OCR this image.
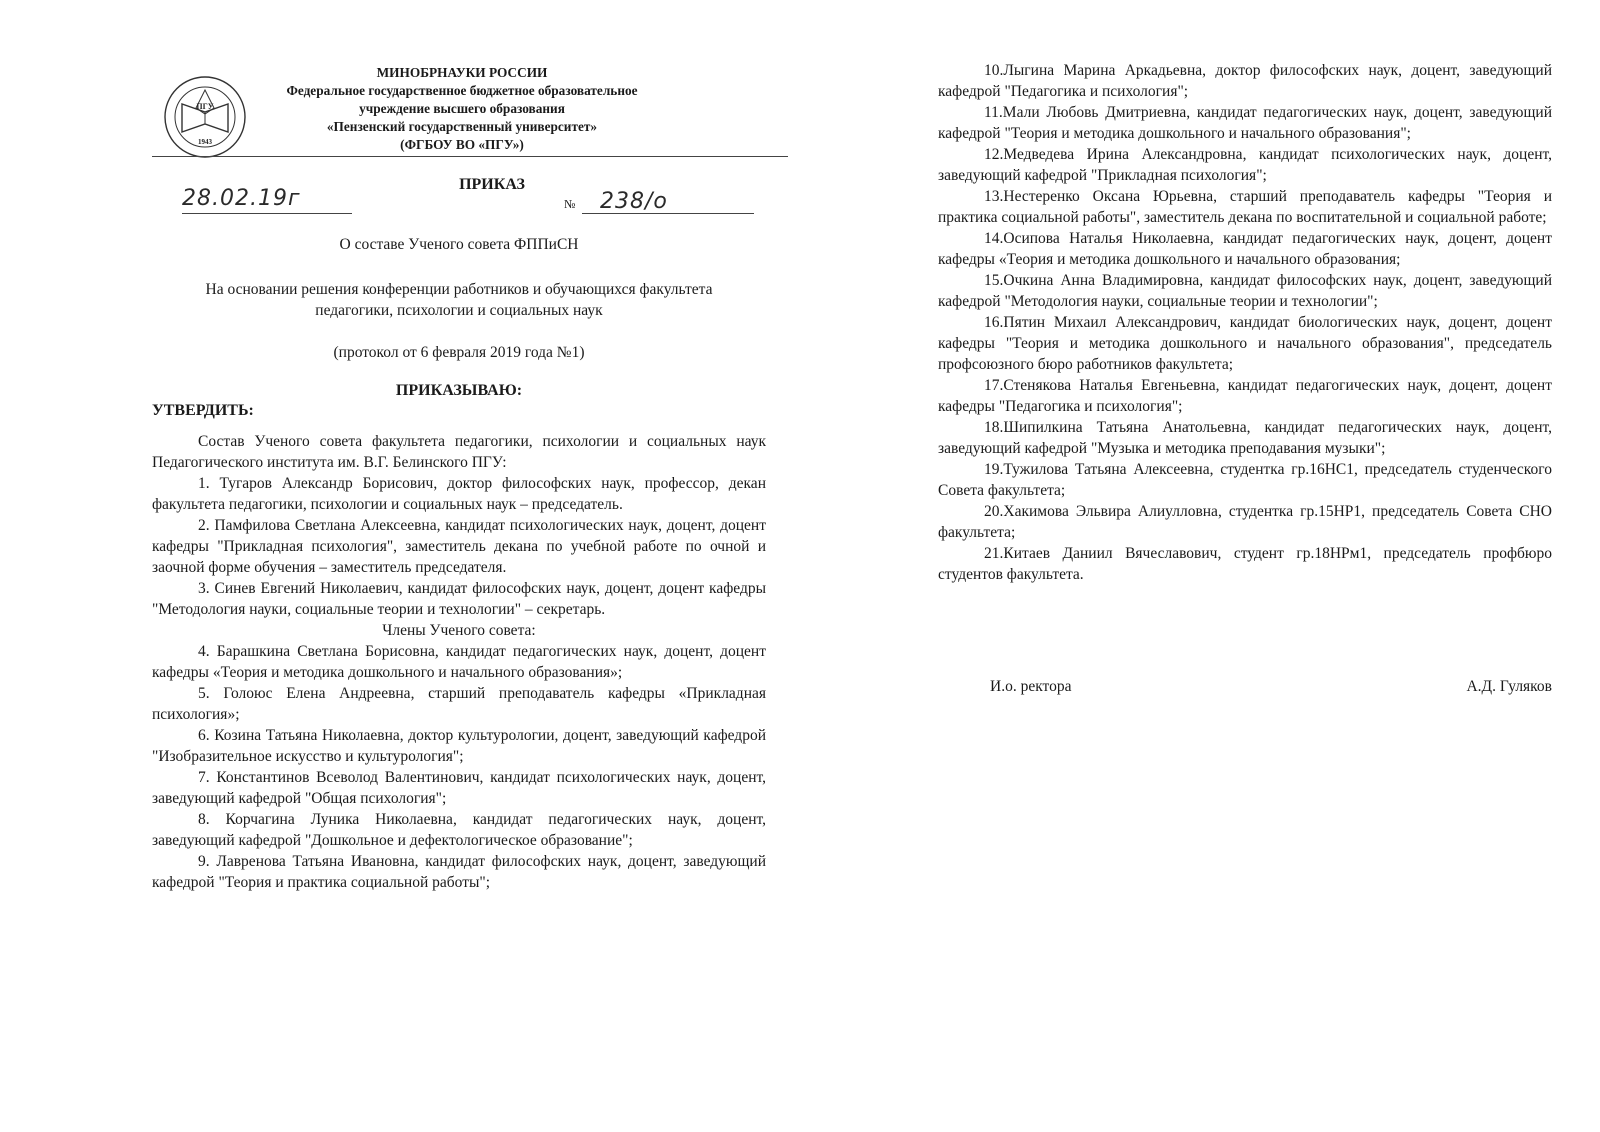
ПГУ
1943
МИНОБРНАУКИ РОССИИ
Федеральное государственное бюджетное образовательное
учреждение высшего образования
«Пензенский государственный университет»
(ФГБОУ ВО «ПГУ»)
28.02.19г
ПРИКАЗ
№ 238/о
О составе Ученого совета ФППиСН
На основании решения конференции работников и обучающихся факультета
педагогики, психологии и социальных наук
(протокол от 6 февраля 2019 года №1)
ПРИКАЗЫВАЮ:
УТВЕРДИТЬ:

Состав Ученого совета факультета педагогики, психологии и социальных наук Педагогического института им. В.Г. Белинского ПГУ:

1. Тугаров Александр Борисович, доктор философских наук, профессор, декан факультета педагогики, психологии и социальных наук – председатель.

2. Памфилова Светлана Алексеевна, кандидат психологических наук, доцент, доцент кафедры "Прикладная психология", заместитель декана по учебной работе по очной и заочной форме обучения – заместитель председателя.

3. Синев Евгений Николаевич, кандидат философских наук, доцент, доцент кафедры "Методология науки, социальные теории и технологии" – секретарь.

Члены Ученого совета:

4. Барашкина Светлана Борисовна, кандидат педагогических наук, доцент, доцент кафедры «Теория и методика дошкольного и начального образования»;

5. Голоюс Елена Андреевна, старший преподаватель кафедры «Прикладная психология»;

6. Козина Татьяна Николаевна, доктор культурологии, доцент, заведующий кафедрой "Изобразительное искусство и культурология";

7. Константинов Всеволод Валентинович, кандидат психологических наук, доцент, заведующий кафедрой "Общая психология";

8. Корчагина Луника Николаевна, кандидат педагогических наук, доцент, заведующий кафедрой "Дошкольное и дефектологическое образование";

9. Лавренова Татьяна Ивановна, кандидат философских наук, доцент, заведующий кафедрой "Теория и практика социальной работы";

10.Лыгина Марина Аркадьевна, доктор философских наук, доцент, заведующий кафедрой "Педагогика и психология";

11.Мали Любовь Дмитриевна, кандидат педагогических наук, доцент, заведующий кафедрой "Теория и методика дошкольного и начального образования";

12.Медведева Ирина Александровна, кандидат психологических наук, доцент, заведующий кафедрой "Прикладная психология";

13.Нестеренко Оксана Юрьевна, старший преподаватель кафедры "Теория и практика социальной работы", заместитель декана по воспитательной и социальной работе;

14.Осипова Наталья Николаевна, кандидат педагогических наук, доцент, доцент кафедры «Теория и методика дошкольного и начального образования;

15.Очкина Анна Владимировна, кандидат философских наук, доцент, заведующий кафедрой "Методология науки, социальные теории и технологии";

16.Пятин Михаил Александрович, кандидат биологических наук, доцент, доцент кафедры "Теория и методика дошкольного и начального образования", председатель профсоюзного бюро работников факультета;

17.Стенякова Наталья Евгеньевна, кандидат педагогических наук, доцент, доцент кафедры "Педагогика и психология";

18.Шипилкина Татьяна Анатольевна, кандидат педагогических наук, доцент, заведующий кафедрой "Музыка и методика преподавания музыки";

19.Тужилова Татьяна Алексеевна, студентка гр.16НС1, председатель студенческого Совета факультета;

20.Хакимова Эльвира Алиулловна, студентка гр.15НР1, председатель Совета СНО факультета;

21.Китаев Даниил Вячеславович, студент гр.18НРм1, председатель профбюро студентов факультета.

И.о. ректора	А.Д. Гуляков
